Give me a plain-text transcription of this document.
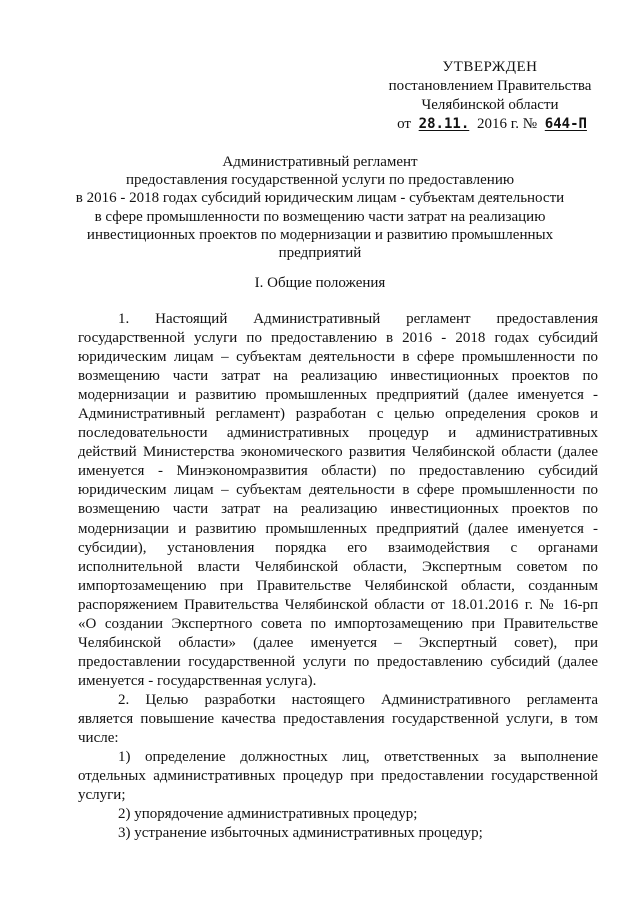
УТВЕРЖДЕН
постановлением Правительства
Челябинской области
от 28.11. 2016 г. № 644-П
Административный регламент
предоставления государственной услуги по предоставлению
в 2016 - 2018 годах субсидий юридическим лицам - субъектам деятельности
в сфере промышленности по возмещению части затрат на реализацию
инвестиционных проектов по модернизации и развитию промышленных
предприятий
I. Общие положения
1. Настоящий Административный регламент предоставления
государственной услуги по предоставлению в 2016 - 2018 годах субсидий
юридическим лицам – субъектам деятельности в сфере промышленности по
возмещению части затрат на реализацию инвестиционных проектов по
модернизации и развитию промышленных предприятий (далее именуется -
Административный регламент) разработан с целью определения сроков и
последовательности административных процедур и административных
действий Министерства экономического развития Челябинской области (далее
именуется - Минэкономразвития области) по предоставлению субсидий
юридическим лицам – субъектам деятельности в сфере промышленности по
возмещению части затрат на реализацию инвестиционных проектов по
модернизации и развитию промышленных предприятий (далее именуется -
субсидии), установления порядка его взаимодействия с органами
исполнительной власти Челябинской области, Экспертным советом по
импортозамещению при Правительстве Челябинской области, созданным
распоряжением Правительства Челябинской области от 18.01.2016 г. № 16-рп
«О создании Экспертного совета по импортозамещению при Правительстве
Челябинской области» (далее именуется – Экспертный совет), при
предоставлении государственной услуги по предоставлению субсидий (далее
именуется - государственная услуга).
2. Целью разработки настоящего Административного регламента
является повышение качества предоставления государственной услуги, в том
числе:
1) определение должностных лиц, ответственных за выполнение
отдельных административных процедур при предоставлении государственной
услуги;
2) упорядочение административных процедур;
3) устранение избыточных административных процедур;
